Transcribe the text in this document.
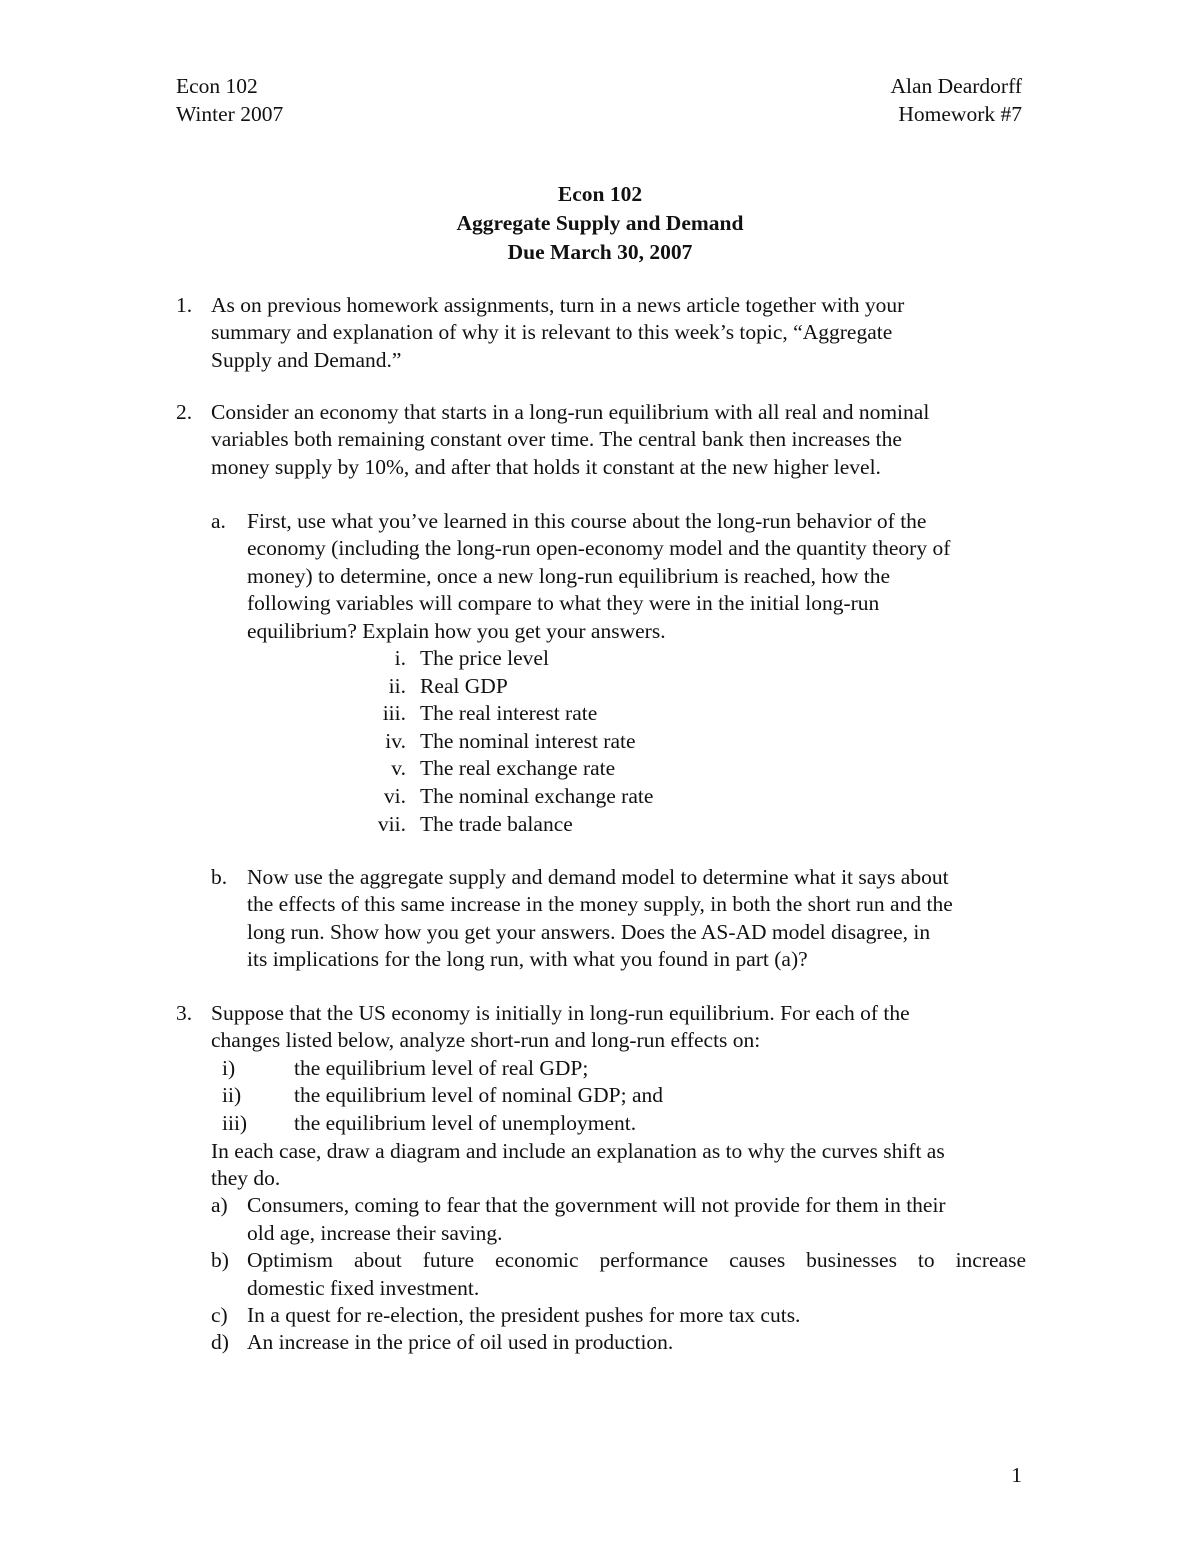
Econ 102
Winter 2007
Alan Deardorff
Homework #7
Econ 102
Aggregate Supply and Demand
Due March 30, 2007
1. As on previous homework assignments, turn in a news article together with your
summary and explanation of why it is relevant to this week’s topic, “Aggregate
Supply and Demand.”
2. Consider an economy that starts in a long-run equilibrium with all real and nominal
variables both remaining constant over time. The central bank then increases the
money supply by 10%, and after that holds it constant at the new higher level.
a. First, use what you’ve learned in this course about the long-run behavior of the
economy (including the long-run open-economy model and the quantity theory of
money) to determine, once a new long-run equilibrium is reached, how the
following variables will compare to what they were in the initial long-run
equilibrium? Explain how you get your answers.
i. The price level
ii. Real GDP
iii. The real interest rate
iv. The nominal interest rate
v. The real exchange rate
vi. The nominal exchange rate
vii. The trade balance
b. Now use the aggregate supply and demand model to determine what it says about
the effects of this same increase in the money supply, in both the short run and the
long run. Show how you get your answers. Does the AS-AD model disagree, in
its implications for the long run, with what you found in part (a)?
3. Suppose that the US economy is initially in long-run equilibrium. For each of the
changes listed below, analyze short-run and long-run effects on:
i)	the equilibrium level of real GDP;
ii) the equilibrium level of nominal GDP; and
iii) the equilibrium level of unemployment.
In each case, draw a diagram and include an explanation as to why the curves shift as
they do.
a) Consumers, coming to fear that the government will not provide for them in their
old age, increase their saving.
b) Optimism about future economic performance causes businesses to increase
domestic fixed investment.
c) In a quest for re-election, the president pushes for more tax cuts.
d) An increase in the price of oil used in production.
1
